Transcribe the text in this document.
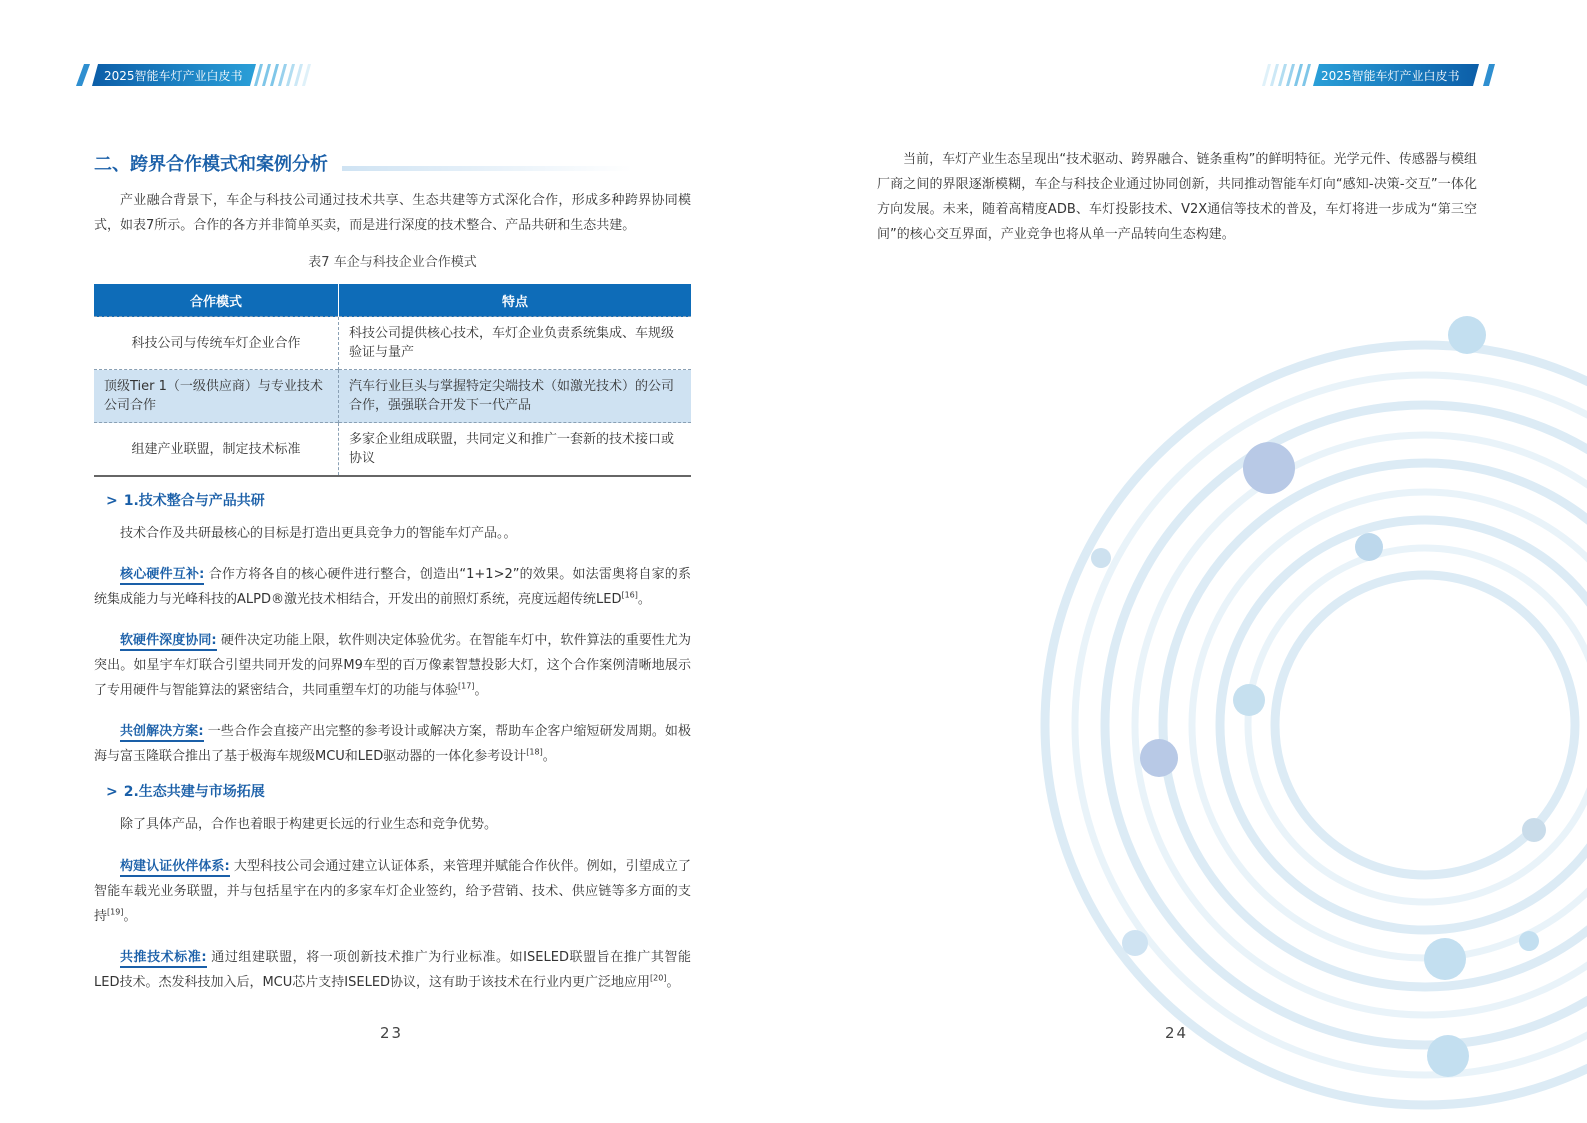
2025智能车灯产业白皮书	2025智能车灯产业白皮书
二、跨界合作模式和案例分析
产业融合背景下，车企与科技公司通过技术共享、生态共建等方式深化合作，形成多种跨界协同模式，如表7所示。合作的各方并非简单买卖，而是进行深度的技术整合、产品共研和生态共建。
表7 车企与科技企业合作模式
合作模式	特点
科技公司与传统车灯企业合作	科技公司提供核心技术，车灯企业负责系统集成、车规级验证与量产
顶级Tier 1（一级供应商）与专业技术公司合作	汽车行业巨头与掌握特定尖端技术（如激光技术）的公司合作，强强联合开发下一代产品
组建产业联盟，制定技术标准	多家企业组成联盟，共同定义和推广一套新的技术接口或协议
> 1.技术整合与产品共研
技术合作及共研最核心的目标是打造出更具竞争力的智能车灯产品。。
核心硬件互补: 合作方将各自的核心硬件进行整合，创造出“1+1>2”的效果。如法雷奥将自家的系统集成能力与光峰科技的ALPD®激光技术相结合，开发出的前照灯系统，亮度远超传统LED[16]。
软硬件深度协同: 硬件决定功能上限，软件则决定体验优劣。在智能车灯中，软件算法的重要性尤为突出。如星宇车灯联合引望共同开发的问界M9车型的百万像素智慧投影大灯，这个合作案例清晰地展示了专用硬件与智能算法的紧密结合，共同重塑车灯的功能与体验[17]。
共创解决方案: 一些合作会直接产出完整的参考设计或解决方案，帮助车企客户缩短研发周期。如极海与富玉隆联合推出了基于极海车规级MCU和LED驱动器的一体化参考设计[18]。
> 2.生态共建与市场拓展
除了具体产品，合作也着眼于构建更长远的行业生态和竞争优势。
构建认证伙伴体系: 大型科技公司会通过建立认证体系，来管理并赋能合作伙伴。例如，引望成立了智能车载光业务联盟，并与包括星宇在内的多家车灯企业签约，给予营销、技术、供应链等多方面的支持[19]。
共推技术标准: 通过组建联盟，将一项创新技术推广为行业标准。如ISELED联盟旨在推广其智能LED技术。杰发科技加入后，MCU芯片支持ISELED协议，这有助于该技术在行业内更广泛地应用[20]。
23
当前，车灯产业生态呈现出“技术驱动、跨界融合、链条重构”的鲜明特征。光学元件、传感器与模组厂商之间的界限逐渐模糊，车企与科技企业通过协同创新，共同推动智能车灯向“感知-决策-交互”一体化方向发展。未来，随着高精度ADB、车灯投影技术、V2X通信等技术的普及，车灯将进一步成为“第三空间”的核心交互界面，产业竞争也将从单一产品转向生态构建。
24
